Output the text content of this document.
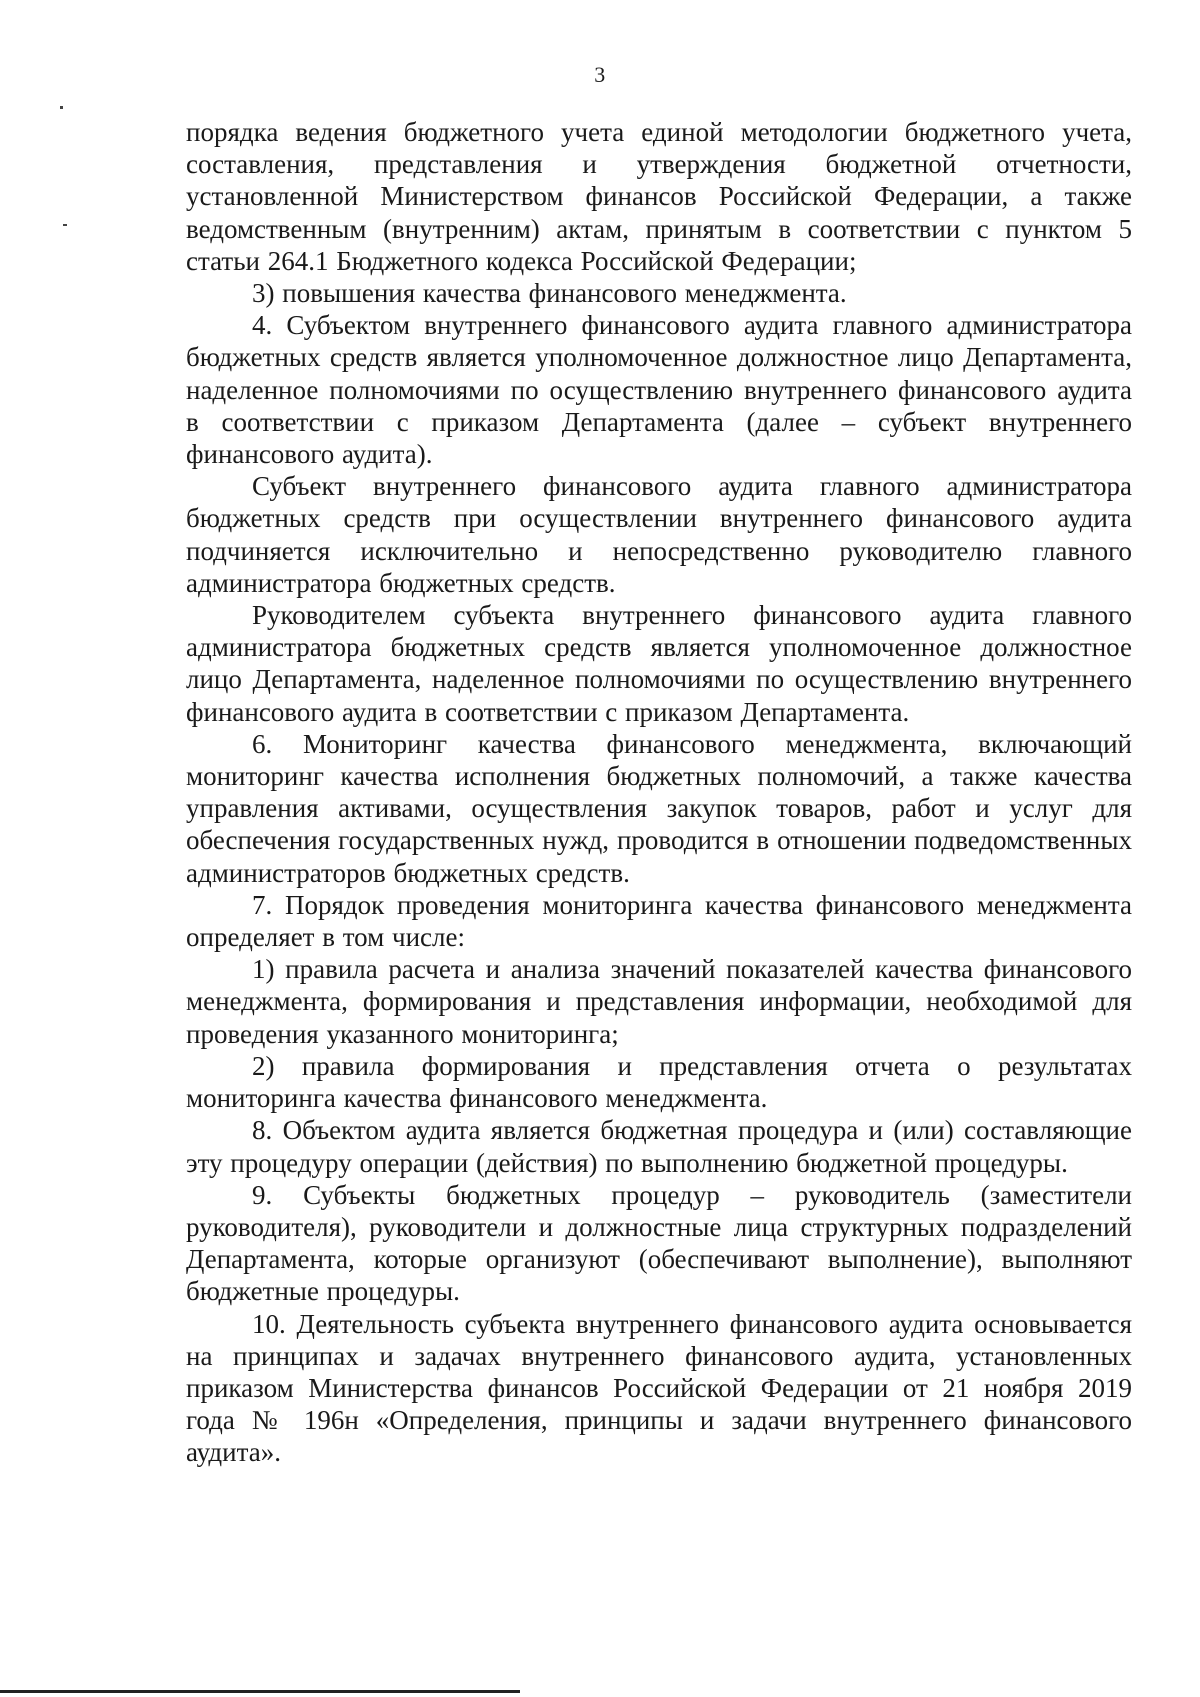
3

порядка ведения бюджетного учета единой методологии бюджетного учета, составления, представления и утверждения бюджетной отчетности, установленной Министерством финансов Российской Федерации, а также ведомственным (внутренним) актам, принятым в соответствии с пунктом 5 статьи 264.1 Бюджетного кодекса Российской Федерации;

3) повышения качества финансового менеджмента.

4. Субъектом внутреннего финансового аудита главного администратора бюджетных средств является уполномоченное должностное лицо Департамента, наделенное полномочиями по осуществлению внутреннего финансового аудита в соответствии с приказом Департамента (далее – субъект внутреннего финансового аудита).

Субъект внутреннего финансового аудита главного администратора бюджетных средств при осуществлении внутреннего финансового аудита подчиняется исключительно и непосредственно руководителю главного администратора бюджетных средств.

Руководителем субъекта внутреннего финансового аудита главного администратора бюджетных средств является уполномоченное должностное лицо Департамента, наделенное полномочиями по осуществлению внутреннего финансового аудита в соответствии с приказом Департамента.

6. Мониторинг качества финансового менеджмента, включающий мониторинг качества исполнения бюджетных полномочий, а также качества управления активами, осуществления закупок товаров, работ и услуг для обеспечения государственных нужд, проводится в отношении подведомственных администраторов бюджетных средств.

7. Порядок проведения мониторинга качества финансового менеджмента определяет в том числе:

1) правила расчета и анализа значений показателей качества финансового менеджмента, формирования и представления информации, необходимой для проведения указанного мониторинга;

2) правила формирования и представления отчета о результатах мониторинга качества финансового менеджмента.

8. Объектом аудита является бюджетная процедура и (или) составляющие эту процедуру операции (действия) по выполнению бюджетной процедуры.

9. Субъекты бюджетных процедур – руководитель (заместители руководителя), руководители и должностные лица структурных подразделений Департамента, которые организуют (обеспечивают выполнение), выполняют бюджетные процедуры.

10. Деятельность субъекта внутреннего финансового аудита основывается на принципах и задачах внутреннего финансового аудита, установленных приказом Министерства финансов Российской Федерации от 21 ноября 2019 года № 196н «Определения, принципы и задачи внутреннего финансового аудита».
